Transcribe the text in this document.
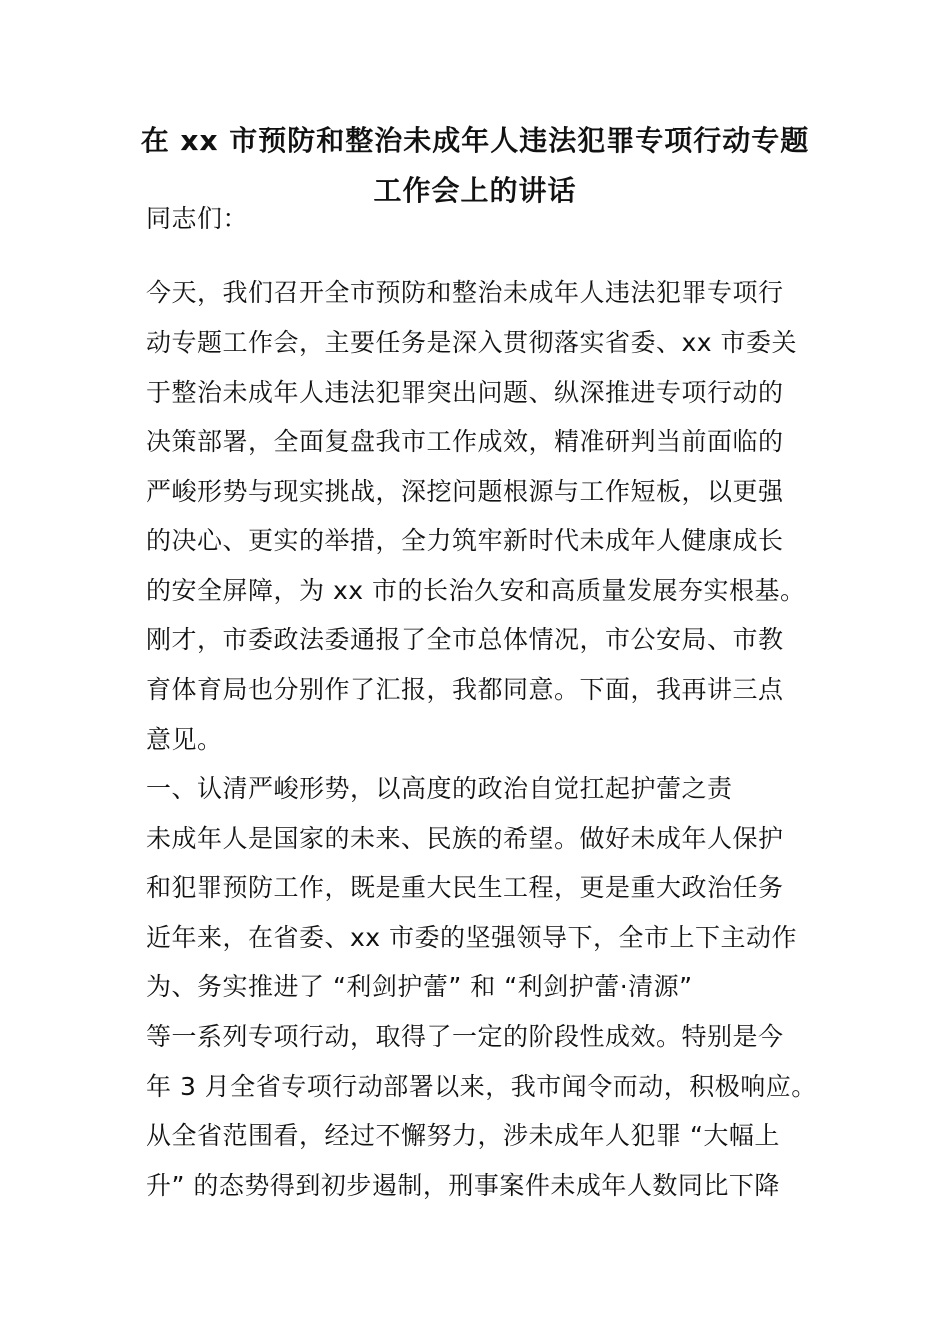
在 xx 市预防和整治未成年人违法犯罪专项行动专题
工作会上的讲话
同志们：
今天，我们召开全市预防和整治未成年人违法犯罪专项行
动专题工作会，主要任务是深入贯彻落实省委、xx 市委关
于整治未成年人违法犯罪突出问题、纵深推进专项行动的
决策部署，全面复盘我市工作成效，精准研判当前面临的
严峻形势与现实挑战，深挖问题根源与工作短板，以更强
的决心、更实的举措，全力筑牢新时代未成年人健康成长
的安全屏障，为 xx 市的长治久安和高质量发展夯实根基。
刚才，市委政法委通报了全市总体情况，市公安局、市教
育体育局也分别作了汇报，我都同意。下面，我再讲三点
意见。
一、认清严峻形势，以高度的政治自觉扛起护蕾之责
未成年人是国家的未来、民族的希望。做好未成年人保护
和犯罪预防工作，既是重大民生工程，更是重大政治任务
近年来，在省委、xx 市委的坚强领导下，全市上下主动作
为、务实推进了 “利剑护蕾” 和 “利剑护蕾·清源”
等一系列专项行动，取得了一定的阶段性成效。特别是今
年 3 月全省专项行动部署以来，我市闻令而动，积极响应。
从全省范围看，经过不懈努力，涉未成年人犯罪 “大幅上
升” 的态势得到初步遏制，刑事案件未成年人数同比下降
